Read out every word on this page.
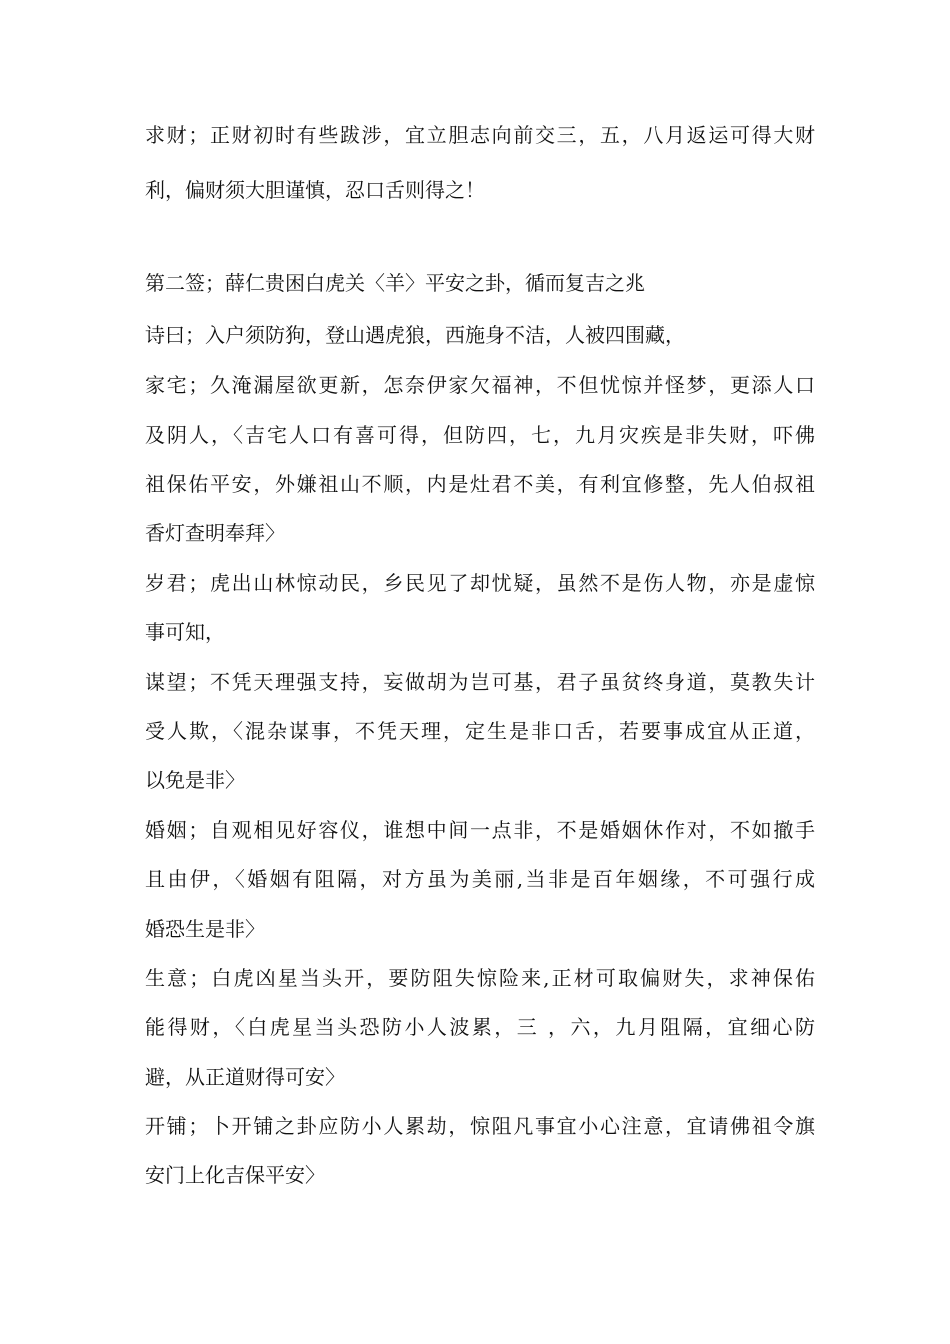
求财；正财初时有些跋涉，宜立胆志向前交三，五，八月返运可得大财
利，偏财须大胆谨慎，忍口舌则得之！
第二签；薛仁贵困白虎关〈羊〉平安之卦，循而复吉之兆
诗曰；入户须防狗，登山遇虎狼，西施身不洁，人被四围藏，
家宅；久淹漏屋欲更新，怎奈伊家欠福神，不但忧惊并怪梦，更添人口
及阴人，〈吉宅人口有喜可得，但防四，七，九月灾疾是非失财，吓佛
祖保佑平安，外嫌祖山不顺，内是灶君不美，有利宜修整，先人伯叔祖
香灯查明奉拜〉
岁君；虎出山林惊动民，乡民见了却忧疑，虽然不是伤人物，亦是虚惊
事可知，
谋望；不凭天理强支持，妄做胡为岂可基，君子虽贫终身道，莫教失计
受人欺，〈混杂谋事，不凭天理，定生是非口舌，若要事成宜从正道，
以免是非〉
婚姻；自观相见好容仪，谁想中间一点非，不是婚姻休作对，不如撤手
且由伊，〈婚姻有阻隔，对方虽为美丽,当非是百年姻缘，不可强行成
婚恐生是非〉
生意；白虎凶星当头开，要防阻失惊险来,正材可取偏财失，求神保佑
能得财，〈白虎星当头恐防小人波累，三 ，六，九月阻隔，宜细心防
避，从正道财得可安〉
开铺；卜开铺之卦应防小人累劫，惊阻凡事宜小心注意，宜请佛祖令旗
安门上化吉保平安〉
